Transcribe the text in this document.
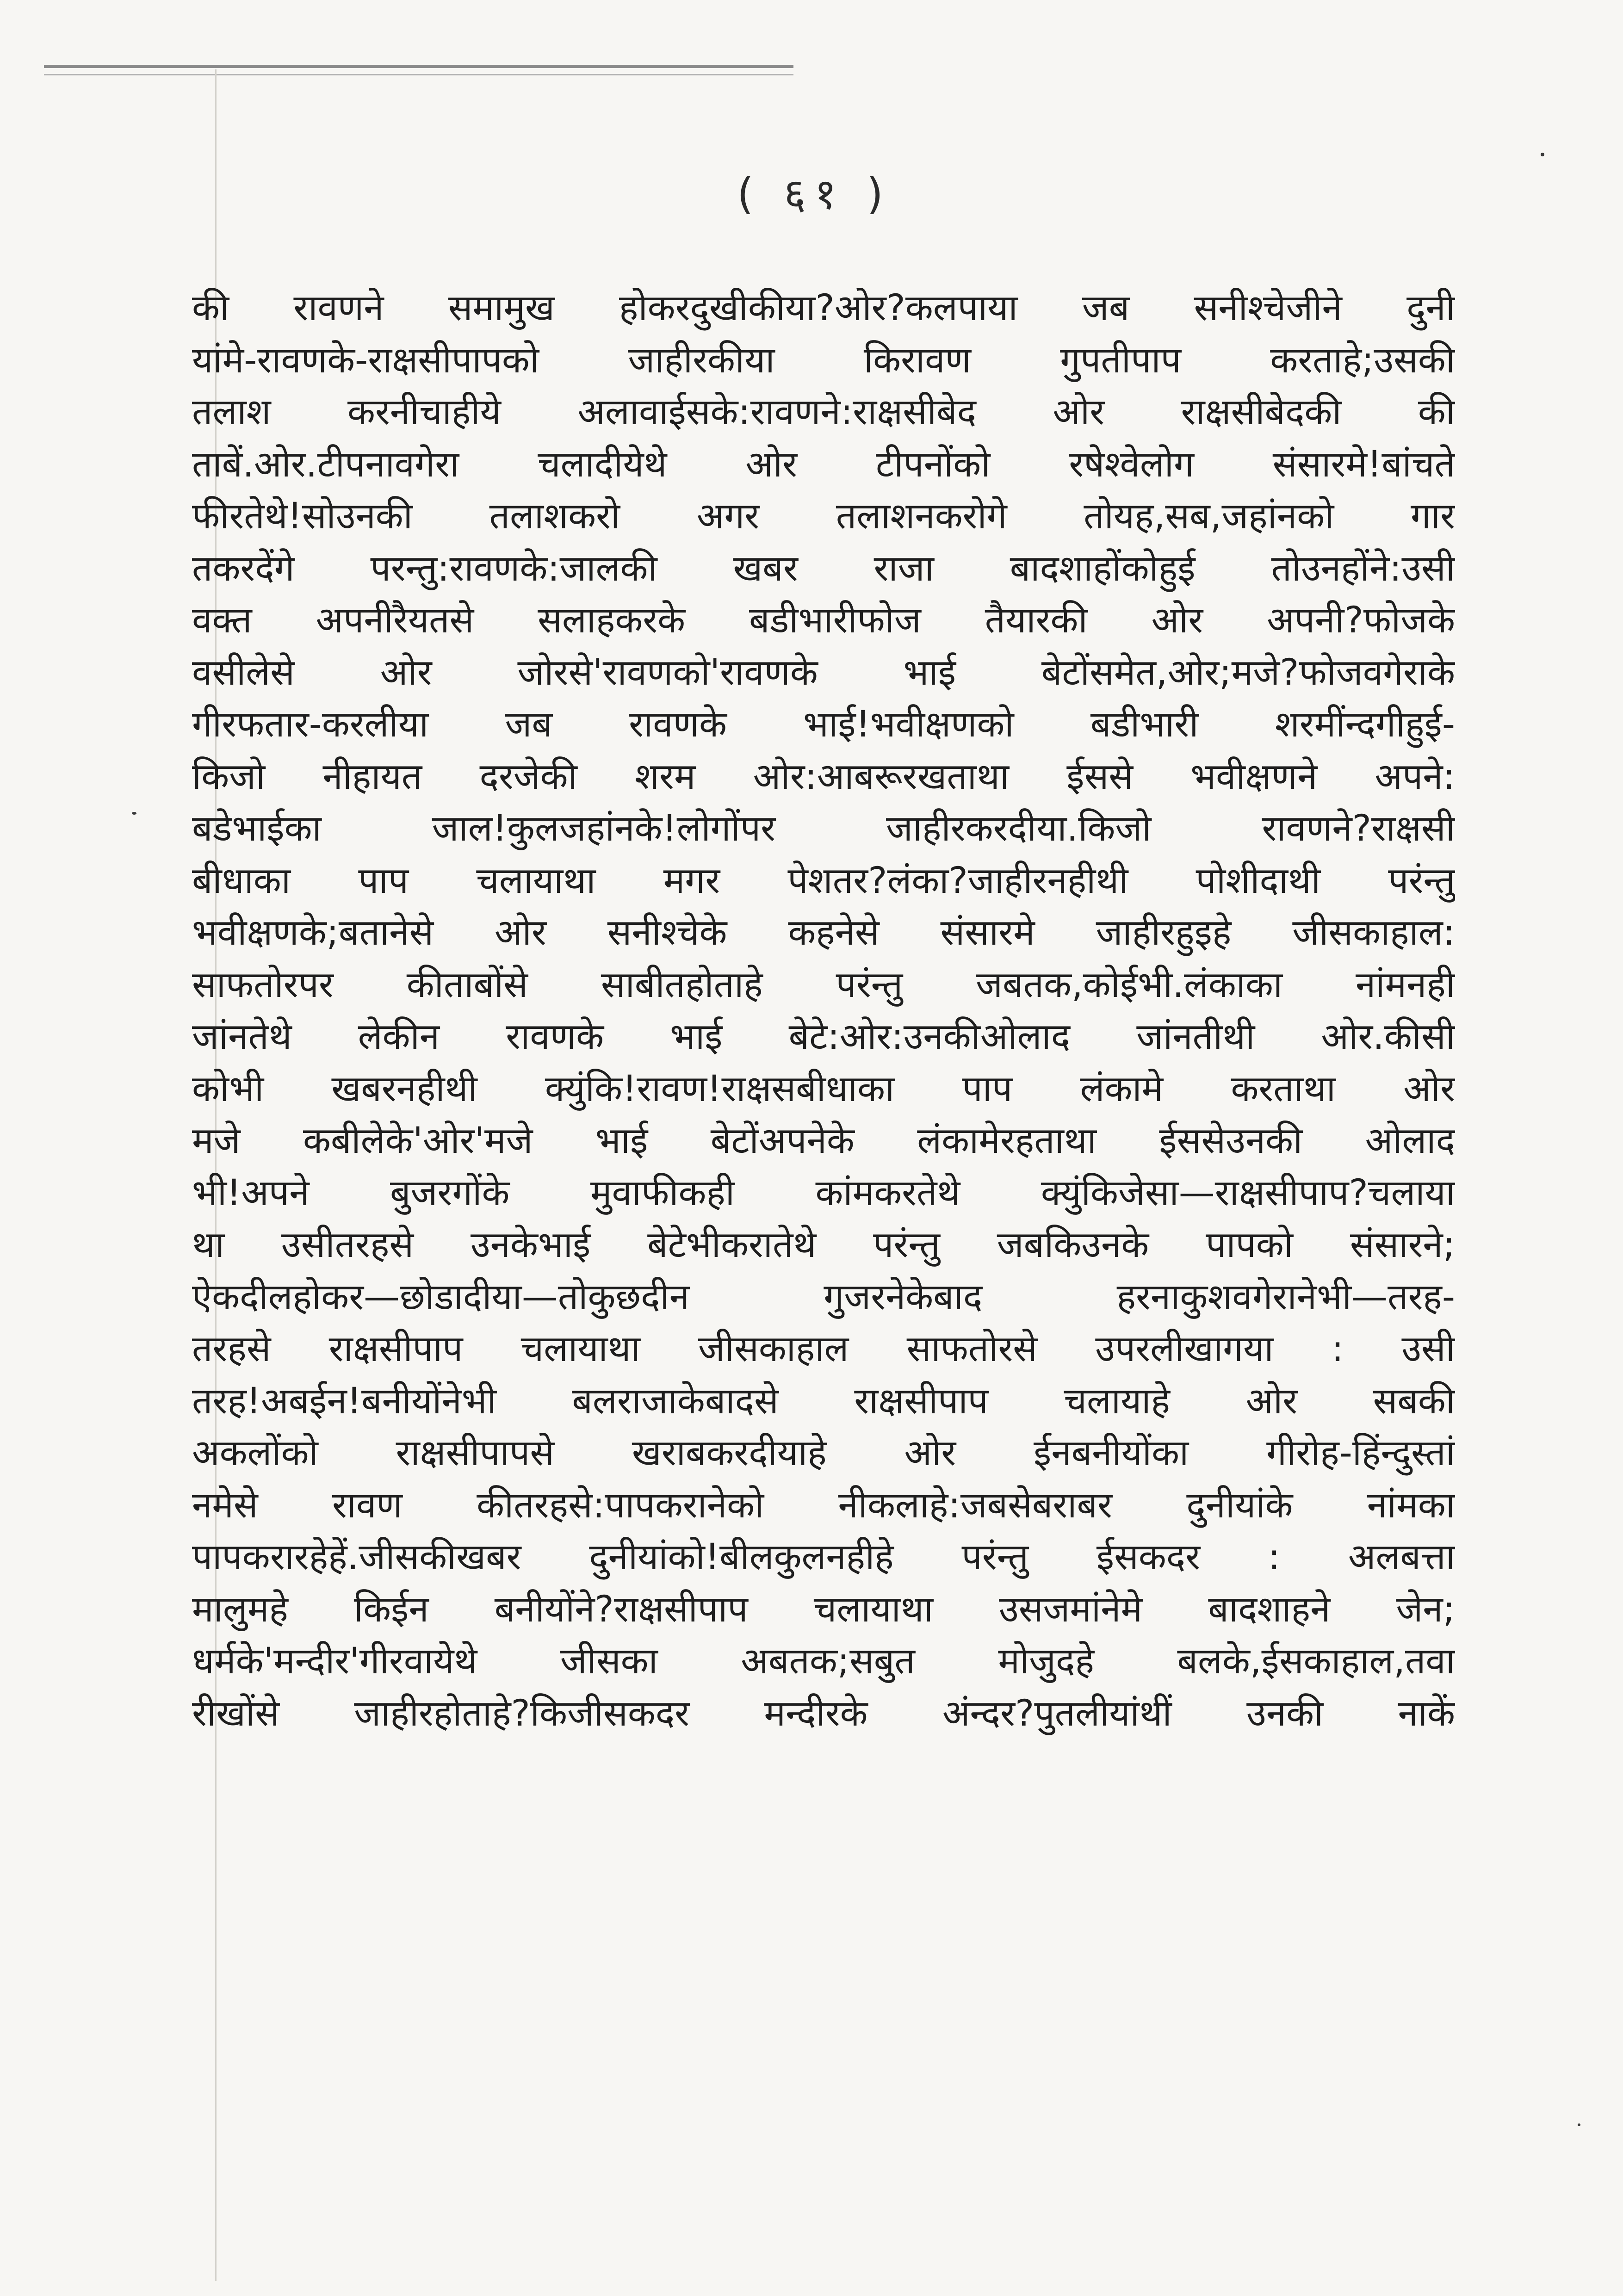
( ६१ )
की रावणने समामुख होकरदुखीकीया?ओर?कलपाया जब सनीश्चेजीने दुनी
यांमे-रावणके-राक्षसीपापको जाहीरकीया किरावण गुपतीपाप करताहे;उसकी
तलाश करनीचाहीये अलावाईसके:रावणने:राक्षसीबेद ओर राक्षसीबेदकी की
ताबें.ओर.टीपनावगेरा चलादीयेथे ओर टीपनोंको रषेश्वेलोग संसारमे!बांचते
फीरतेथे!सोउनकी तलाशकरो अगर तलाशनकरोगे तोयह,सब,जहांनको गार
तकरदेंगे परन्तु:रावणके:जालकी खबर राजा बादशाहोंकोहुई तोउनहोंने:उसी
वक्त अपनीरैयतसे सलाहकरके बडीभारीफोज तैयारकी ओर अपनी?फोजके
वसीलेसे ओर जोरसे'रावणको'रावणके भाई बेटोंसमेत,ओर;मजे?फोजवगेराके
गीरफतार-करलीया जब रावणके भाई!भवीक्षणको बडीभारी शरमींन्दगीहुई-
किजो नीहायत दरजेकी शरम ओर:आबरूरखताथा ईससे भवीक्षणने अपने:
बडेभाईका जाल!कुलजहांनके!लोगोंपर जाहीरकरदीया.किजो रावणने?राक्षसी
बीधाका पाप चलायाथा मगर पेशतर?लंका?जाहीरनहीथी पोशीदाथी परंन्तु
भवीक्षणके;बतानेसे ओर सनीश्चेके कहनेसे संसारमे जाहीरहुइहे जीसकाहाल:
साफतोरपर कीताबोंसे साबीतहोताहे परंन्तु जबतक,कोईभी.लंकाका नांमनही
जांनतेथे लेकीन रावणके भाई बेटे:ओर:उनकीओलाद जांनतीथी ओर.कीसी
कोभी खबरनहीथी क्युंकि!रावण!राक्षसबीधाका पाप लंकामे करताथा ओर
मजे कबीलेके'ओर'मजे भाई बेटोंअपनेके लंकामेरहताथा ईससेउनकी ओलाद
भी!अपने बुजरगोंके मुवाफीकही कांमकरतेथे क्युंकिजेसा—राक्षसीपाप?चलाया
था उसीतरहसे उनकेभाई बेटेभीकरातेथे परंन्तु जबकिउनके पापको संसारने;
ऐकदीलहोकर—छोडादीया—तोकुछदीन गुजरनेकेबाद हरनाकुशवगेरानेभी—तरह-
तरहसे राक्षसीपाप चलायाथा जीसकाहाल साफतोरसे उपरलीखागया : उसी
तरह!अबईन!बनीयोंनेभी बलराजाकेबादसे राक्षसीपाप चलायाहे ओर सबकी
अकलोंको राक्षसीपापसे खराबकरदीयाहे ओर ईनबनीयोंका गीरोह-हिंन्दुस्तां
नमेसे रावण कीतरहसे:पापकरानेको नीकलाहे:जबसेबराबर दुनीयांके नांमका
पापकरारहेहें.जीसकीखबर दुनीयांको!बीलकुलनहीहे परंन्तु ईसकदर : अलबत्ता
मालुमहे किईन बनीयोंने?राक्षसीपाप चलायाथा उसजमांनेमे बादशाहने जेन;
धर्मके'मन्दीर'गीरवायेथे जीसका अबतक;सबुत मोजुदहे बलके,ईसकाहाल,तवा
रीखोंसे जाहीरहोताहे?किजीसकदर मन्दीरके अंन्दर?पुतलीयांथीं उनकी नाकें
